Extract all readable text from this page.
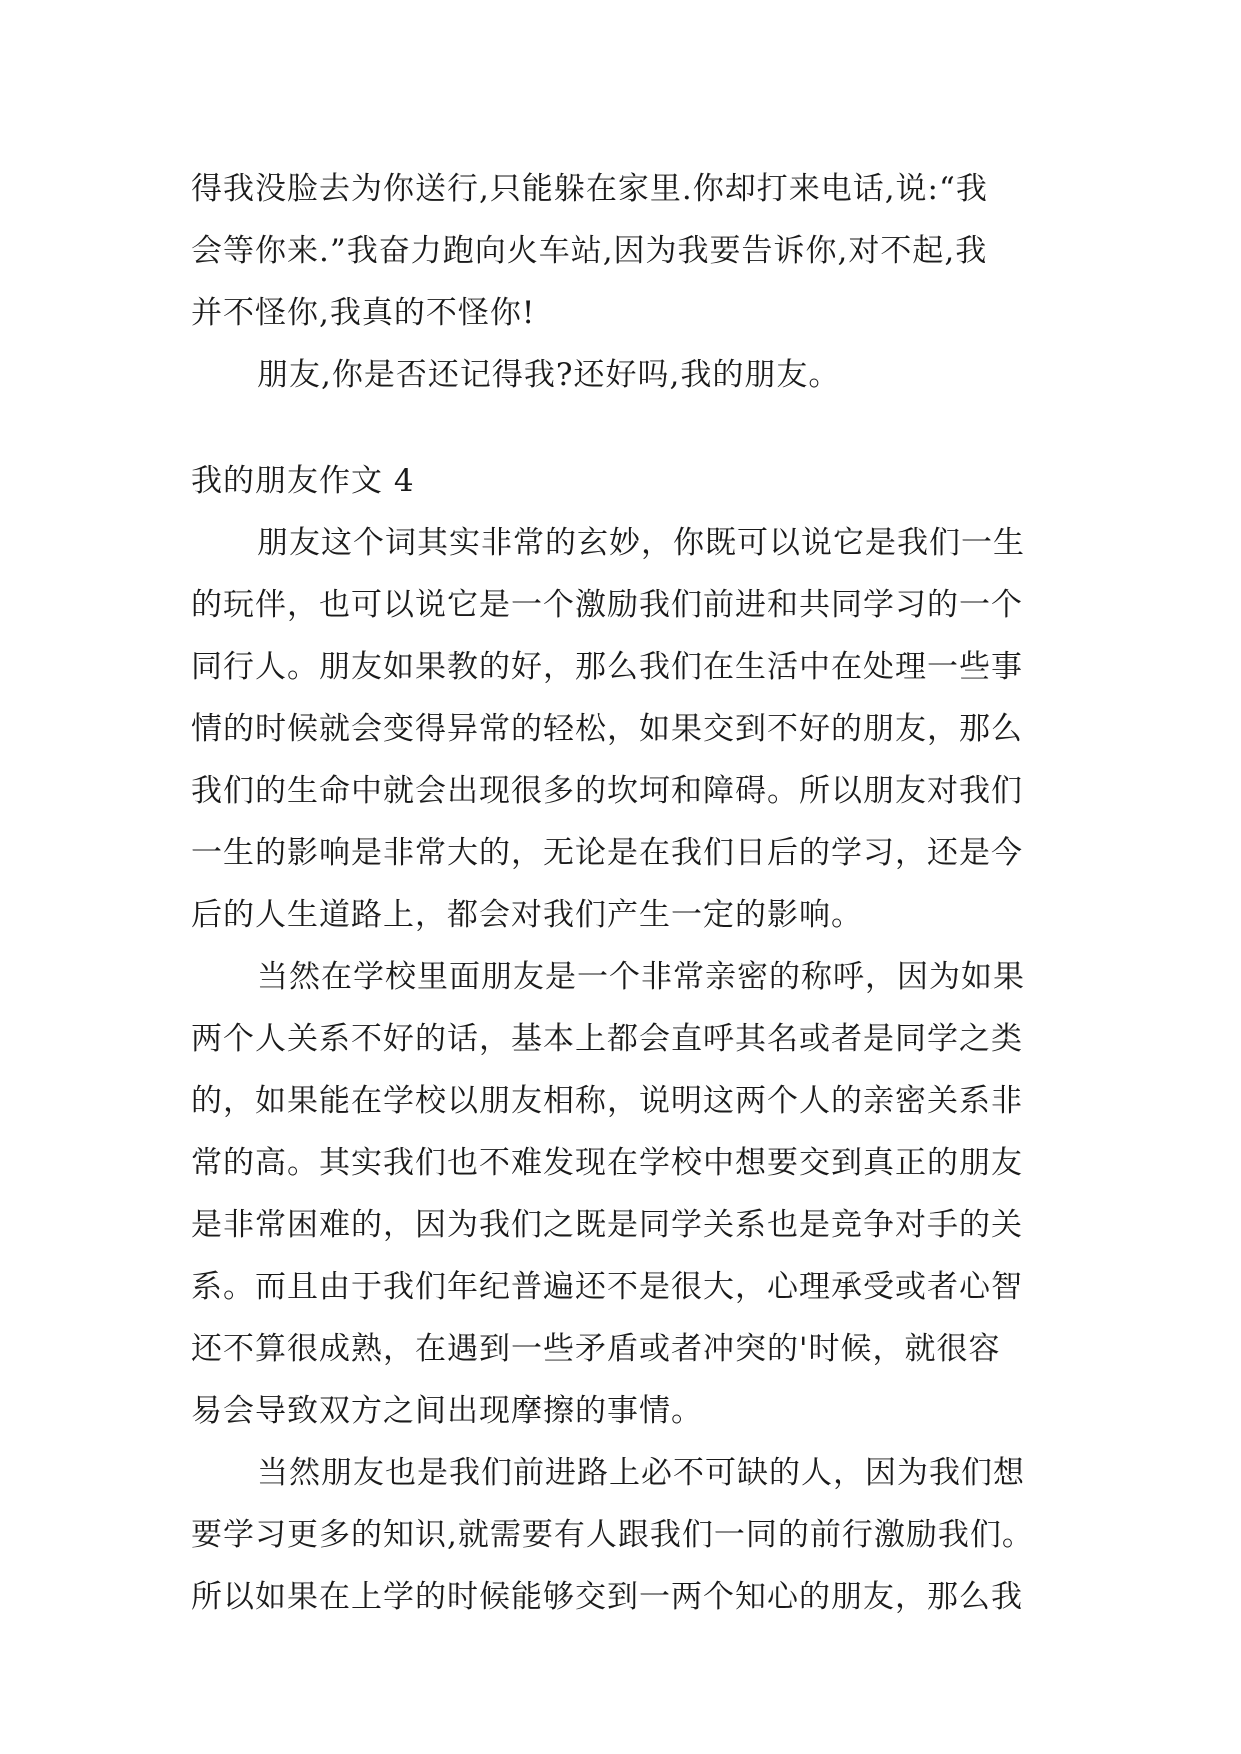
得我没脸去为你送行,只能躲在家里.你却打来电话,说:“我
会等你来.”我奋力跑向火车站,因为我要告诉你,对不起,我
并不怪你,我真的不怪你!

朋友,你是否还记得我?还好吗,我的朋友。

我的朋友作文 4

朋友这个词其实非常的玄妙，你既可以说它是我们一生
的玩伴，也可以说它是一个激励我们前进和共同学习的一个
同行人。朋友如果教的好，那么我们在生活中在处理一些事
情的时候就会变得异常的轻松，如果交到不好的朋友，那么
我们的生命中就会出现很多的坎坷和障碍。所以朋友对我们
一生的影响是非常大的，无论是在我们日后的学习，还是今
后的人生道路上，都会对我们产生一定的影响。

当然在学校里面朋友是一个非常亲密的称呼，因为如果
两个人关系不好的话，基本上都会直呼其名或者是同学之类
的，如果能在学校以朋友相称，说明这两个人的亲密关系非
常的高。其实我们也不难发现在学校中想要交到真正的朋友
是非常困难的，因为我们之既是同学关系也是竞争对手的关
系。而且由于我们年纪普遍还不是很大，心理承受或者心智
还不算很成熟，在遇到一些矛盾或者冲突的'时候，就很容
易会导致双方之间出现摩擦的事情。

当然朋友也是我们前进路上必不可缺的人，因为我们想
要学习更多的知识,就需要有人跟我们一同的前行激励我们。
所以如果在上学的时候能够交到一两个知心的朋友，那么我
